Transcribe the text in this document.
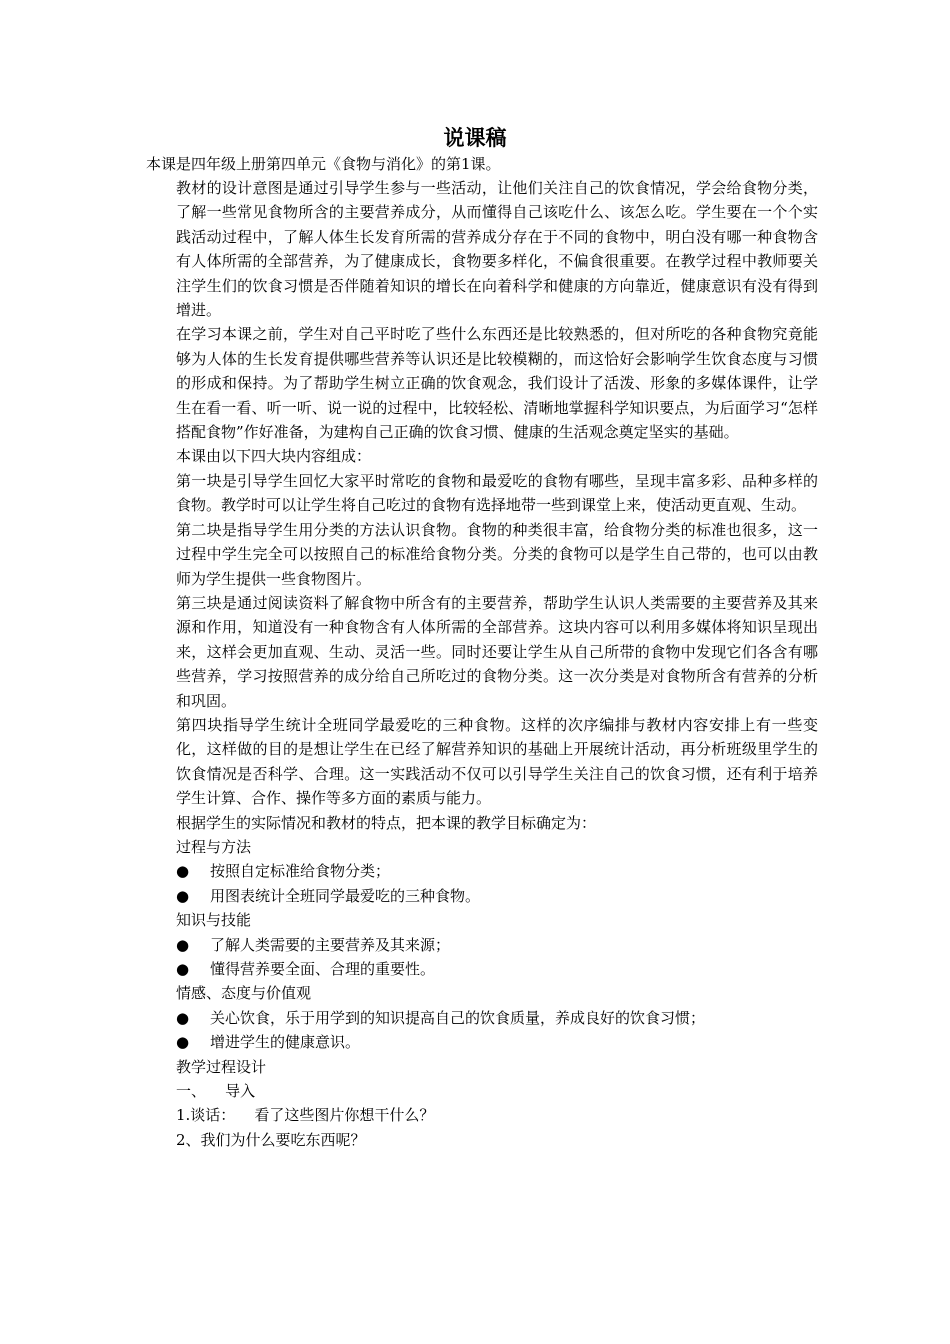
说课稿
本课是四年级上册第四单元《食物与消化》的第1课。

教材的设计意图是通过引导学生参与一些活动，让他们关注自己的饮食情况，学会给食物分类，了解一些常见食物所含的主要营养成分，从而懂得自己该吃什么、该怎么吃。学生要在一个个实践活动过程中，了解人体生长发育所需的营养成分存在于不同的食物中，明白没有哪一种食物含有人体所需的全部营养，为了健康成长，食物要多样化，不偏食很重要。在教学过程中教师要关注学生们的饮食习惯是否伴随着知识的增长在向着科学和健康的方向靠近，健康意识有没有得到增进。

在学习本课之前，学生对自己平时吃了些什么东西还是比较熟悉的，但对所吃的各种食物究竟能够为人体的生长发育提供哪些营养等认识还是比较模糊的，而这恰好会影响学生饮食态度与习惯的形成和保持。为了帮助学生树立正确的饮食观念，我们设计了活泼、形象的多媒体课件，让学生在看一看、听一听、说一说的过程中，比较轻松、清晰地掌握科学知识要点，为后面学习“怎样搭配食物”作好准备，为建构自己正确的饮食习惯、健康的生活观念奠定坚实的基础。

本课由以下四大块内容组成：

第一块是引导学生回忆大家平时常吃的食物和最爱吃的食物有哪些，呈现丰富多彩、品种多样的食物。教学时可以让学生将自己吃过的食物有选择地带一些到课堂上来，使活动更直观、生动。

第二块是指导学生用分类的方法认识食物。食物的种类很丰富，给食物分类的标准也很多，这一过程中学生完全可以按照自己的标准给食物分类。分类的食物可以是学生自己带的，也可以由教师为学生提供一些食物图片。

第三块是通过阅读资料了解食物中所含有的主要营养，帮助学生认识人类需要的主要营养及其来源和作用，知道没有一种食物含有人体所需的全部营养。这块内容可以利用多媒体将知识呈现出来，这样会更加直观、生动、灵活一些。同时还要让学生从自己所带的食物中发现它们各含有哪些营养，学习按照营养的成分给自己所吃过的食物分类。这一次分类是对食物所含有营养的分析和巩固。

第四块指导学生统计全班同学最爱吃的三种食物。这样的次序编排与教材内容安排上有一些变化，这样做的目的是想让学生在已经了解营养知识的基础上开展统计活动，再分析班级里学生的饮食情况是否科学、合理。这一实践活动不仅可以引导学生关注自己的饮食习惯，还有利于培养学生计算、合作、操作等多方面的素质与能力。

根据学生的实际情况和教材的特点，把本课的教学目标确定为：

过程与方法

● 按照自定标准给食物分类；

● 用图表统计全班同学最爱吃的三种食物。

知识与技能

● 了解人类需要的主要营养及其来源；

● 懂得营养要全面、合理的重要性。

情感、态度与价值观

● 关心饮食，乐于用学到的知识提高自己的饮食质量，养成良好的饮食习惯；

● 增进学生的健康意识。

教学过程设计

一、    导入

1.谈话：    看了这些图片你想干什么？

2、我们为什么要吃东西呢？
